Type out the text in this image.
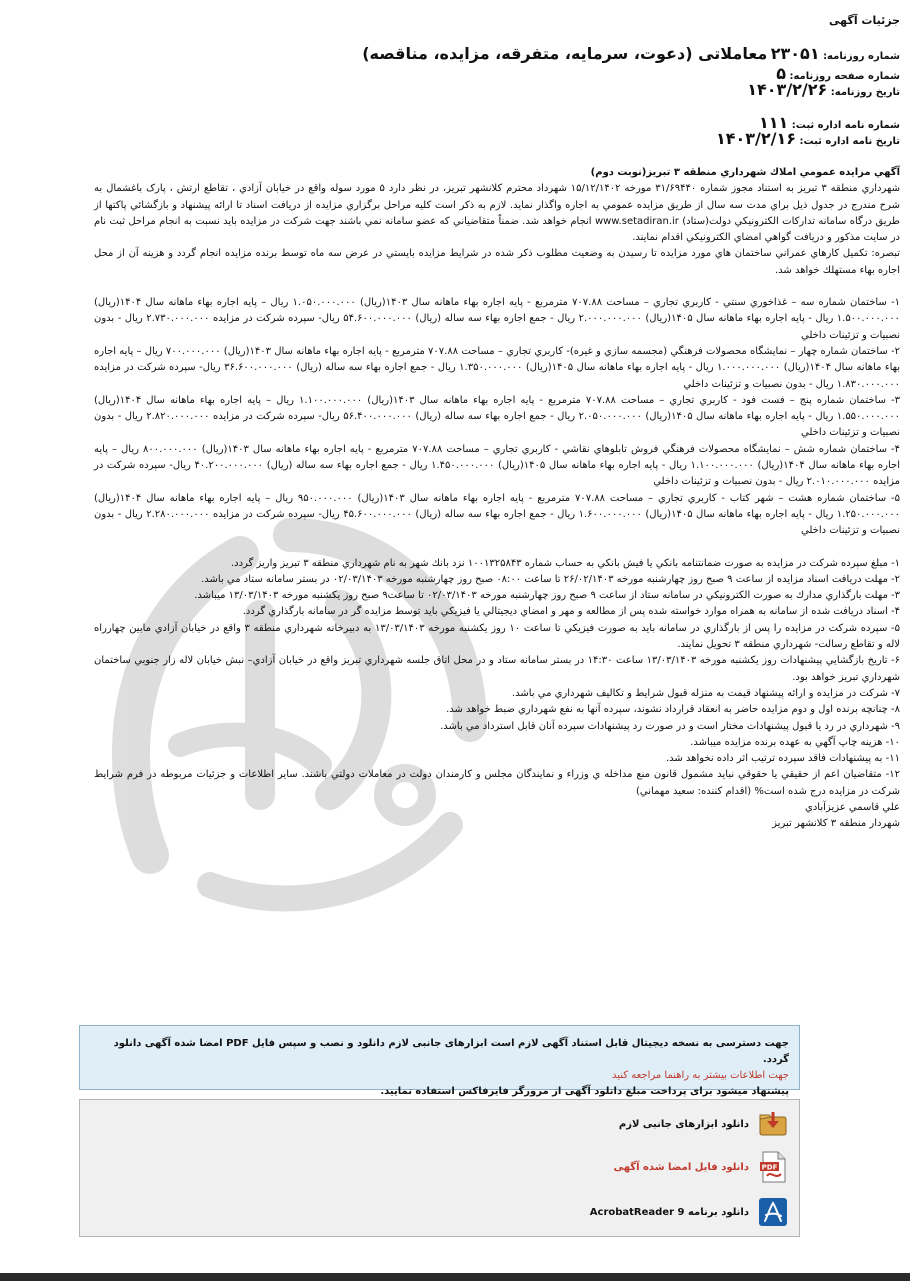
جزئيات آگهی
شماره روزنامه: ۲۳۰۵۱ معاملاتی (دعوت، سرمایه، متفرقه، مزایده، مناقصه)
شماره صفحه روزنامه: ۵
تاریخ روزنامه: ۱۴۰۳/۲/۲۶
شماره نامه اداره ثبت: ۱۱۱
تاریخ نامه اداره ثبت: ۱۴۰۳/۲/۱۶

آگهي مزايده عمومي املاك شهرداري منطقه ۳ تبريز(نوبت دوم)

شهرداري منطقه ۳ تبريز به استناد مجوز شماره ۳۱/۶۹۴۴۰ مورخه ۱۵/۱۲/۱۴۰۲ شهرداد محترم كلانشهر تبريز، در نظر دارد ۵ مورد سوله واقع در خيابان آزادي ، تقاطع ارتش ، پارک باغشمال به شرح مندرج در جدول ذيل براي مدت سه سال از طريق مزايده عمومي به اجاره واگذار نمايد. لازم به ذكر است كليه مراحل برگزاري مزايده از دريافت اسناد تا ارائه پيشنهاد و بازگشائي پاكتها از طريق درگاه سامانه تداركات الكترونيكي دولت(ستاد) www.setadiran.ir انجام خواهد شد. ضمناً متقاضياني كه عضو سامانه نمي باشند جهت شركت در مزايده بايد نسبت به انجام مراحل ثبت نام در سايت مذكور و دريافت گواهي امضاي الكترونيكي اقدام نمايند.

تبصره: تكميل كارهاي عمراني ساختمان هاي مورد مزايده تا رسيدن به وضعيت مطلوب ذكر شده در شرايط مزايده بايستي در عرض سه ماه توسط برنده مزايده انجام گردد و هزينه آن از محل اجاره بهاء مستهلك خواهد شد.

۱- ساختمان شماره سه – غذاخوري سنتي - كاربري تجاري – مساحت ۷۰۷.۸۸ مترمربع - پايه اجاره بهاء ماهانه سال ۱۴۰۳(ريال) ۱.۰۵۰.۰۰۰.۰۰۰ ريال – پايه اجاره بهاء ماهانه سال ۱۴۰۴(ريال) ۱.۵۰۰.۰۰۰.۰۰۰ ريال - پايه اجاره بهاء ماهانه سال ۱۴۰۵(ريال) ۲.۰۰۰.۰۰۰.۰۰۰ ريال - جمع اجاره بهاء سه ساله (ريال) ۵۴.۶۰۰.۰۰۰.۰۰۰ ريال- سپرده شركت در مزايده ۲.۷۳۰.۰۰۰.۰۰۰ ريال - بدون نصبيات و تزئينات داخلي

۲- ساختمان شماره چهار – نمايشگاه محصولات فرهنگي (مجسمه سازي و غيره)- كاربري تجاري – مساحت ۷۰۷.۸۸ مترمربع - پايه اجاره بهاء ماهانه سال ۱۴۰۳(ريال) ۷۰۰.۰۰۰.۰۰۰ ريال – پايه اجاره بهاء ماهانه سال ۱۴۰۴(ريال) ۱.۰۰۰.۰۰۰.۰۰۰ ريال - پايه اجاره بهاء ماهانه سال ۱۴۰۵(ريال) ۱.۳۵۰.۰۰۰.۰۰۰ ريال - جمع اجاره بهاء سه ساله (ريال) ۳۶.۶۰۰.۰۰۰.۰۰۰ ريال- سپرده شركت در مزايده ۱.۸۳۰.۰۰۰.۰۰۰ ريال - بدون نصبيات و تزئينات داخلي

۳- ساختمان شماره پنج – فست فود - كاربري تجاري – مساحت ۷۰۷.۸۸ مترمربع - پايه اجاره بهاء ماهانه سال ۱۴۰۳(ريال) ۱.۱۰۰.۰۰۰.۰۰۰ ريال – پايه اجاره بهاء ماهانه سال ۱۴۰۴(ريال) ۱.۵۵۰.۰۰۰.۰۰۰ ريال - پايه اجاره بهاء ماهانه سال ۱۴۰۵(ريال) ۲.۰۵۰.۰۰۰.۰۰۰ ريال - جمع اجاره بهاء سه ساله (ريال) ۵۶.۴۰۰.۰۰۰.۰۰۰ ريال- سپرده شركت در مزايده ۲.۸۲۰.۰۰۰.۰۰۰ ريال - بدون نصبيات و تزئينات داخلي

۴- ساختمان شماره شش – نمايشگاه محصولات فرهنگي فروش تابلوهاي نقاشي - كاربري تجاري – مساحت ۷۰۷.۸۸ مترمربع - پايه اجاره بهاء ماهانه سال ۱۴۰۳(ريال) ۸۰۰.۰۰۰.۰۰۰ ريال – پايه اجاره بهاء ماهانه سال ۱۴۰۴(ريال) ۱.۱۰۰.۰۰۰.۰۰۰ ريال - پايه اجاره بهاء ماهانه سال ۱۴۰۵(ريال) ۱.۴۵۰.۰۰۰.۰۰۰ ريال - جمع اجاره بهاء سه ساله (ريال) ۴۰.۲۰۰.۰۰۰.۰۰۰ ريال- سپرده شركت در مزايده ۲.۰۱۰.۰۰۰.۰۰۰ ريال - بدون نصبيات و تزئينات داخلي

۵- ساختمان شماره هشت – شهر كتاب - كاربري تجاري – مساحت ۷۰۷.۸۸ مترمربع - پايه اجاره بهاء ماهانه سال ۱۴۰۳(ريال) ۹۵۰.۰۰۰.۰۰۰ ريال – پايه اجاره بهاء ماهانه سال ۱۴۰۴(ريال) ۱.۲۵۰.۰۰۰.۰۰۰ ريال - پايه اجاره بهاء ماهانه سال ۱۴۰۵(ريال) ۱.۶۰۰.۰۰۰.۰۰۰ ريال - جمع اجاره بهاء سه ساله (ريال) ۴۵.۶۰۰.۰۰۰.۰۰۰ ريال- سپرده شركت در مزايده ۲.۲۸۰.۰۰۰.۰۰۰ ريال - بدون نصبيات و تزئينات داخلي

۱- مبلغ سپرده شركت در مزايده به صورت ضمانتنامه بانكي يا فيش بانكي به حساب شماره ۱۰۰۱۳۲۵۸۴۳ نزد بانك شهر به نام شهرداري منطقه ۳ تبريز واريز گردد.

۲- مهلت دريافت اسناد مزايده از ساعت ۹ صبح روز چهارشنبه مورخه ۲۶/۰۲/۱۴۰۳ تا ساعت ۰۸:۰۰ صبح روز چهارشنبه مورخه ۰۲/۰۳/۱۴۰۳ در بستر سامانه ستاد مي باشد.

۳- مهلت بارگذاري مدارك به صورت الكترونيكي در سامانه ستاد از ساعت ۹ صبح روز چهارشنبه مورخه ۰۲/۰۳/۱۴۰۳ تا ساعت۹ صبح روز يكشنبه مورخه ۱۳/۰۳/۱۴۰۳ ميباشد.

۴- اسناد دريافت شده از سامانه به همراه موارد خواسته شده پس از مطالعه و مهر و امضاي ديجيتالي يا فيزيكي بايد توسط مزايده گر در سامانه بارگذاري گردد.

۵- سپرده شركت در مزايده را پس از بارگذاري در سامانه بايد به صورت فيزيكي تا ساعت ۱۰ روز يكشنبه مورخه ۱۳/۰۳/۱۴۰۳ به دبيرخانه شهرداري منطقه ۳ واقع در خيابان آزادي مابين چهارراه لاله و تقاطع رسالت- شهرداري منطقه ۳ تحويل نمايند.

۶- تاريخ بازگشايي پيشنهادات روز يكشنبه مورخه ۱۳/۰۳/۱۴۰۳ ساعت ۱۴:۳۰ در بستر سامانه ستاد و در محل اتاق جلسه شهرداري تبريز واقع در خيابان آزادي– نبش خيابان لاله زار جنوبي ساختمان شهرداري تبريز خواهد بود.

۷- شركت در مزايده و ارائه پيشنهاد قيمت به منزله قبول شرايط و تكاليف شهرداري مي باشد.

۸- چنانچه برنده اول و دوم مزايده حاضر به انعقاد قرارداد نشوند، سپرده آنها به نفع شهرداري ضبط خواهد شد.

۹- شهرداري در رد يا قبول پيشنهادات مختار است و در صورت رد پيشنهادات سپرده آنان قابل استرداد مي باشد.

۱۰- هزينه چاپ آگهي به عهده برنده مزايده ميباشد.

۱۱- به پيشنهادات فاقد سپرده ترتيب اثر داده نخواهد شد.

۱۲- متقاضيان اعم از حقيقي يا حقوقي نبايد مشمول قانون منع مداخله ي وزراء و نمايندگان مجلس و كارمندان دولت در معاملات دولتي باشند. ساير اطلاعات و جزئيات مربوطه در فرم شرايط شركت در مزايده درج شده است% (اقدام كننده: سعيد مهماني)

علي قاسمي عزيزآبادي

شهردار منطقه ۳ كلانشهر تبريز

جهت دسترسی به نسخه دیجیتال قابل استناد آگهی لازم است ابزارهای جانبی لازم دانلود و نصب و سپس فایل PDF امضا شده آگهی دانلود گردد.
جهت اطلاعات بیشتر به راهنما مراجعه کنید
پیشنهاد میشود برای پرداخت مبلغ دانلود آگهی از مرورگر فایرفاکس استفاده نمایید.
دانلود ابزارهای جانبی لازم
PDF
دانلود فایل امضا شده آگهی
دانلود برنامه AcrobatReader 9
